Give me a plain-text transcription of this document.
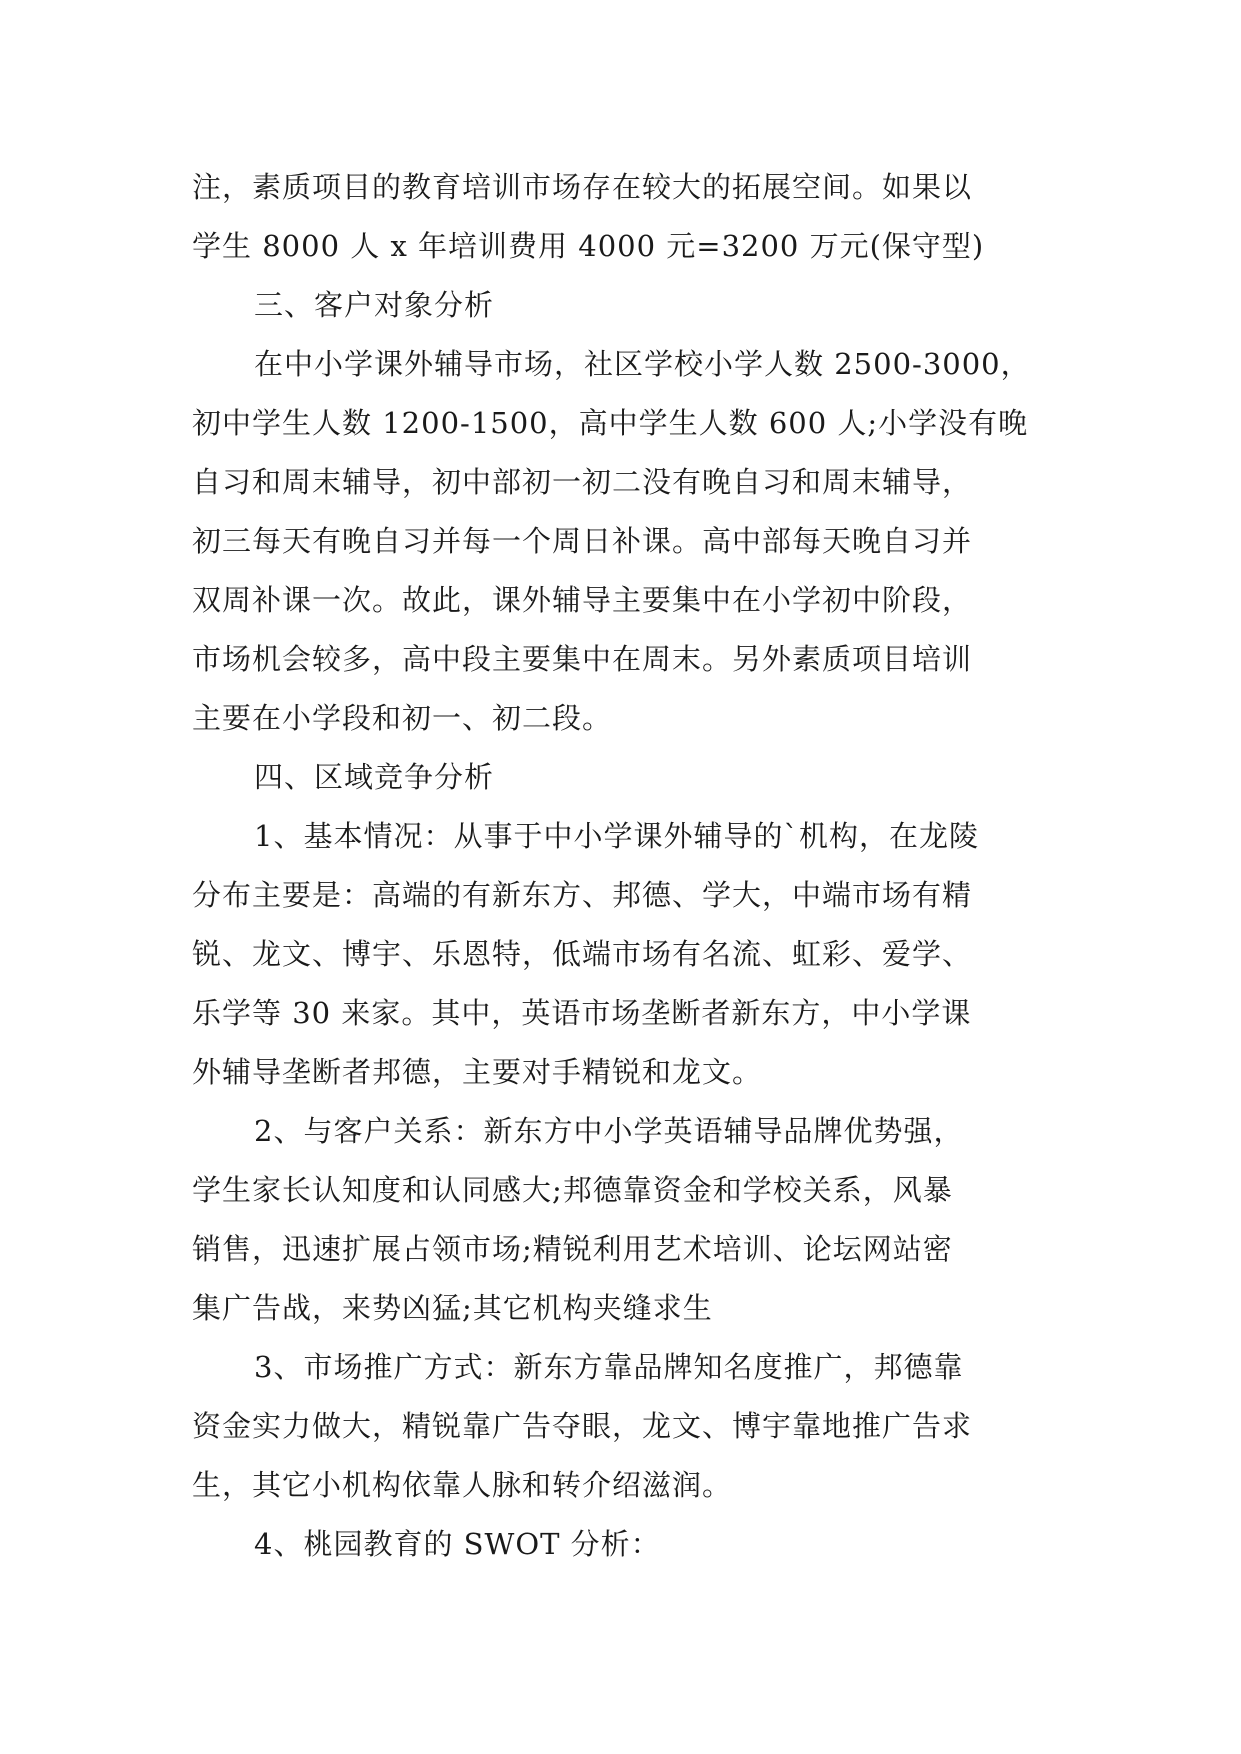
注，素质项目的教育培训市场存在较大的拓展空间。如果以
学生 8000 人 x 年培训费用 4000 元=3200 万元(保守型)
三、客户对象分析
在中小学课外辅导市场，社区学校小学人数 2500-3000，
初中学生人数 1200-1500，高中学生人数 600 人;小学没有晚
自习和周末辅导，初中部初一初二没有晚自习和周末辅导，
初三每天有晚自习并每一个周日补课。高中部每天晚自习并
双周补课一次。故此，课外辅导主要集中在小学初中阶段，
市场机会较多，高中段主要集中在周末。另外素质项目培训
主要在小学段和初一、初二段。
四、区域竞争分析
1、基本情况：从事于中小学课外辅导的`机构，在龙陵
分布主要是：高端的有新东方、邦德、学大，中端市场有精
锐、龙文、博宇、乐恩特，低端市场有名流、虹彩、爱学、
乐学等 30 来家。其中，英语市场垄断者新东方，中小学课
外辅导垄断者邦德，主要对手精锐和龙文。
2、与客户关系：新东方中小学英语辅导品牌优势强，
学生家长认知度和认同感大;邦德靠资金和学校关系，风暴
销售，迅速扩展占领市场;精锐利用艺术培训、论坛网站密
集广告战，来势凶猛;其它机构夹缝求生
3、市场推广方式：新东方靠品牌知名度推广，邦德靠
资金实力做大，精锐靠广告夺眼，龙文、博宇靠地推广告求
生，其它小机构依靠人脉和转介绍滋润。
4、桃园教育的 SWOT 分析：
